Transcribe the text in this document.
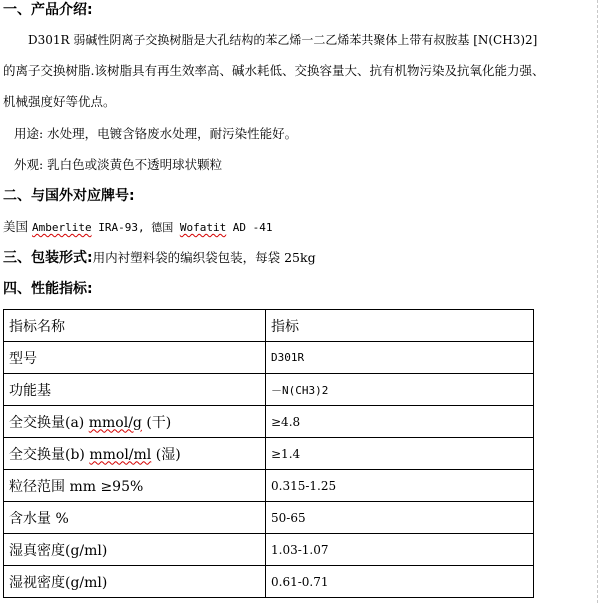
一、产品介绍:
D301R 弱碱性阴离子交换树脂是大孔结构的苯乙烯一二乙烯苯共聚体上带有叔胺基 [N(CH3)2]
的离子交换树脂.该树脂具有再生效率高、碱水耗低、交换容量大、抗有机物污染及抗氧化能力强、
机械强度好等优点。
用途: 水处理，电镀含铬废水处理，耐污染性能好。
外观: 乳白色或淡黄色不透明球状颗粒
二、与国外对应牌号:
美国 Amberlite IRA-93, 德国 Wofatit AD -41
三、包装形式:用内衬塑料袋的编织袋包装，每袋 25kg
四、性能指标:
指标名称	指标
型号	D301R
功能基	－N(CH3)2
全交换量(a) mmol/g (干)	≥4.8
全交换量(b) mmol/ml (湿)	≥1.4
粒径范围 mm ≥95%	0.315-1.25
含水量 %	50-65
湿真密度(g/ml)	1.03-1.07
湿视密度(g/ml)	0.61-0.71
